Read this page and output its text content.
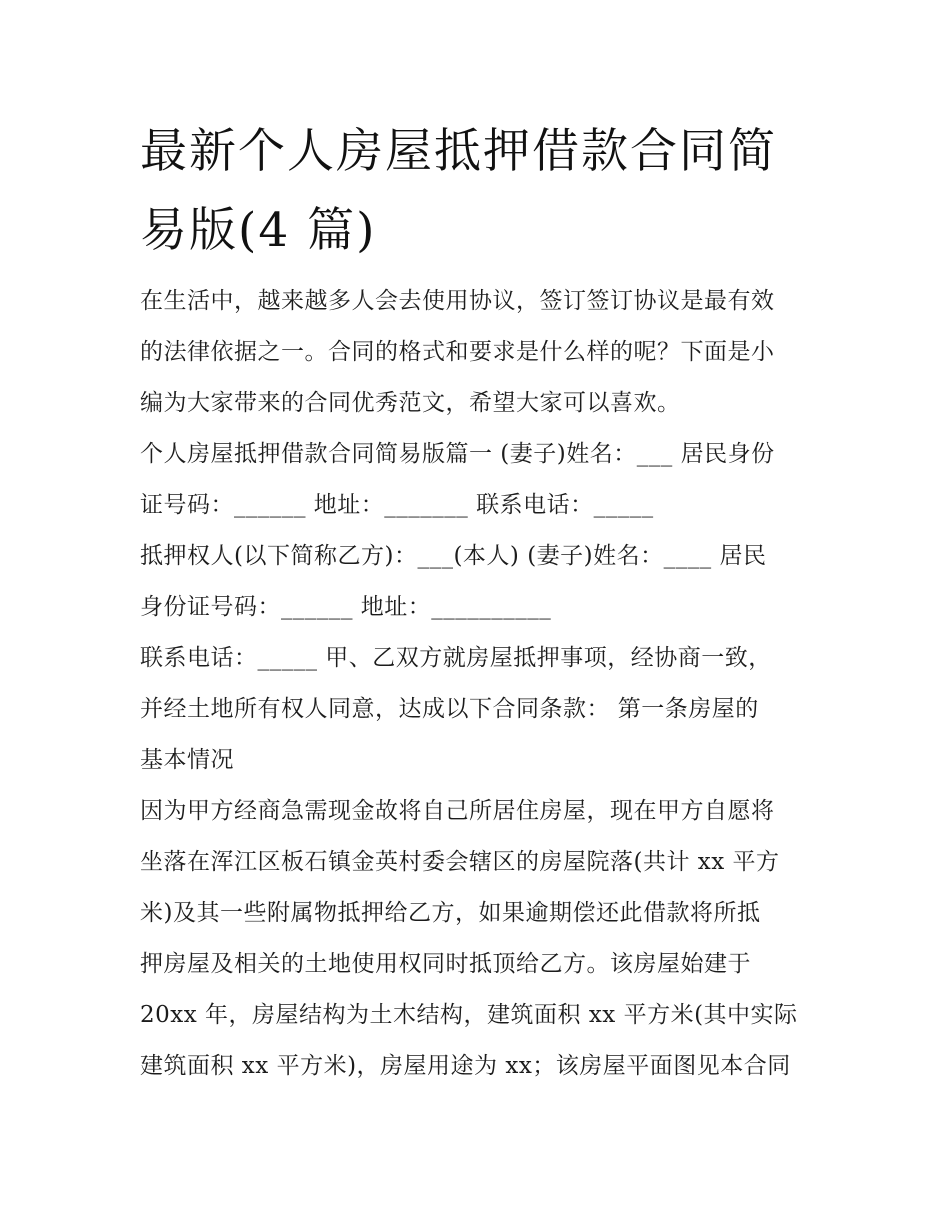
最新个人房屋抵押借款合同简
易版(4 篇)

在生活中，越来越多人会去使用协议，签订签订协议是最有效
的法律依据之一。合同的格式和要求是什么样的呢？下面是小
编为大家带来的合同优秀范文，希望大家可以喜欢。

个人房屋抵押借款合同简易版篇一 (妻子)姓名：___ 居民身份
证号码：______ 地址：_______ 联系电话：_____

抵押权人(以下简称乙方)：___(本人) (妻子)姓名：____ 居民
身份证号码：______ 地址：__________

联系电话：_____ 甲、乙双方就房屋抵押事项，经协商一致，
并经土地所有权人同意，达成以下合同条款： 第一条房屋的
基本情况

因为甲方经商急需现金故将自己所居住房屋，现在甲方自愿将
坐落在浑江区板石镇金英村委会辖区的房屋院落(共计 xx 平方
米)及其一些附属物抵押给乙方，如果逾期偿还此借款将所抵
押房屋及相关的土地使用权同时抵顶给乙方。该房屋始建于
20xx 年，房屋结构为土木结构，建筑面积 xx 平方米(其中实际
建筑面积 xx 平方米)，房屋用途为 xx；该房屋平面图见本合同
